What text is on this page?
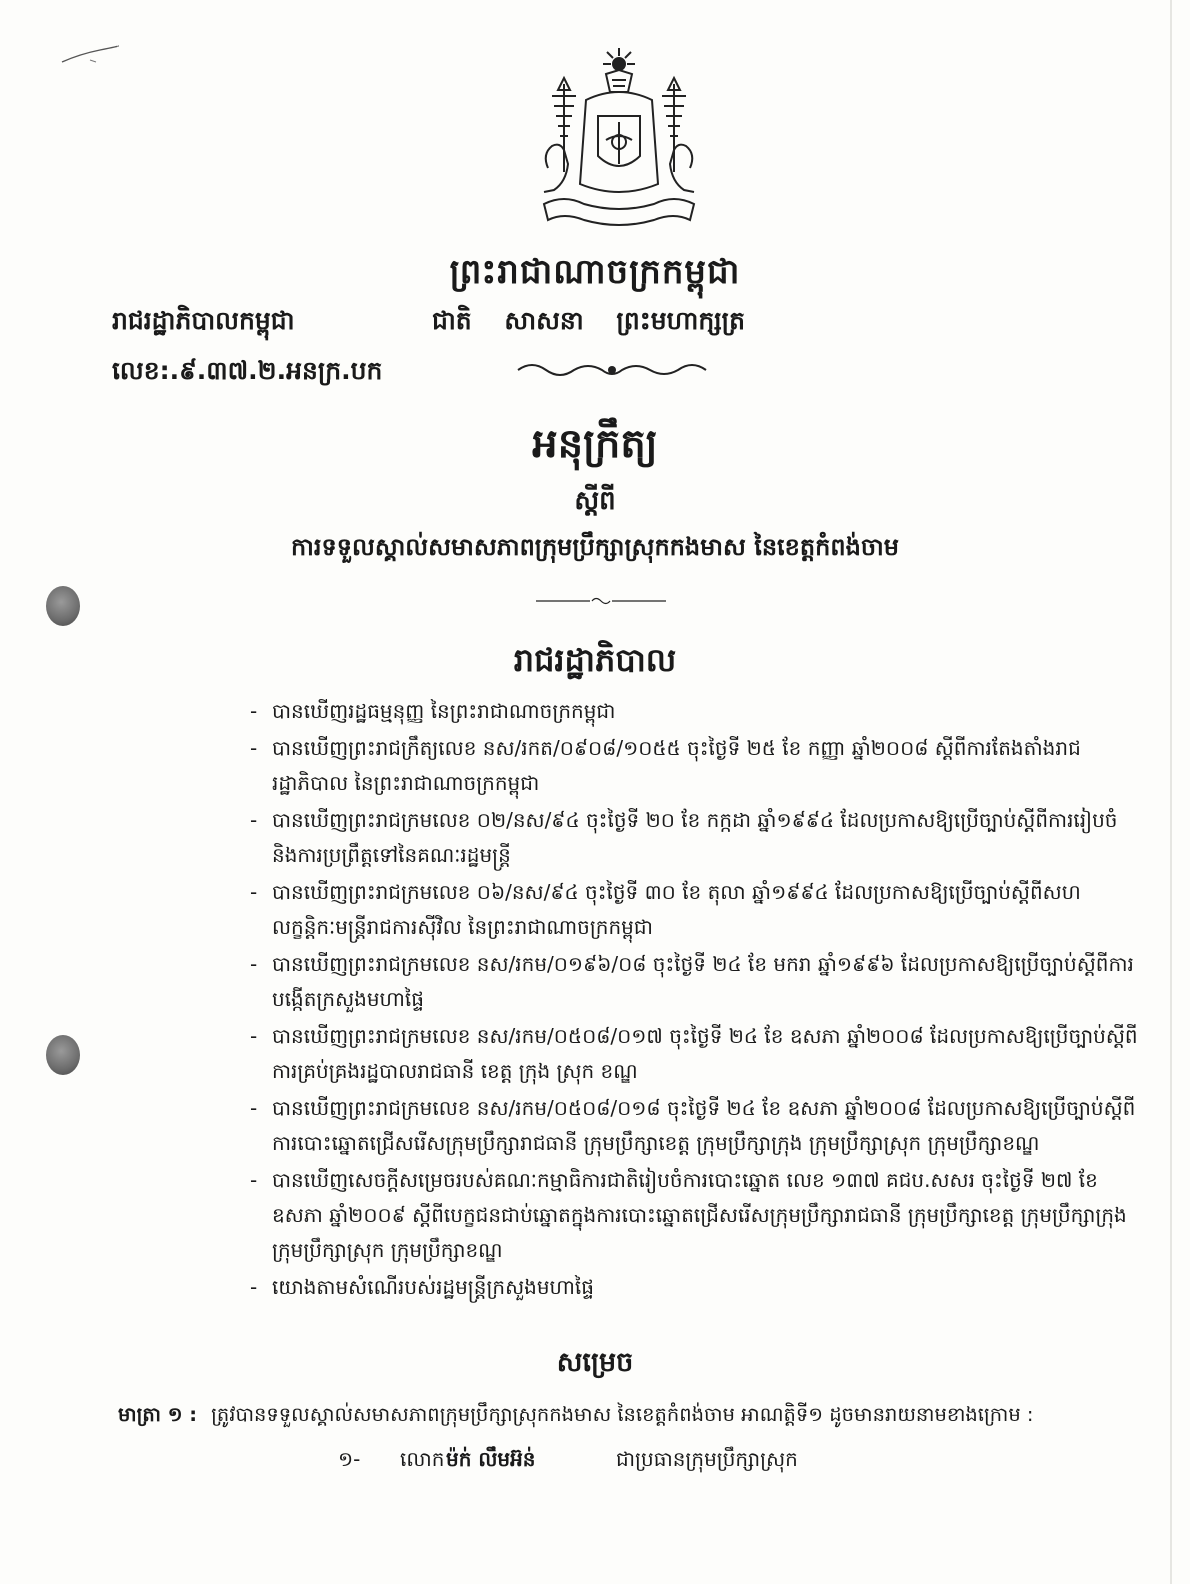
ព្រះរាជាណាចក្រកម្ពុជា
រាជរដ្ឋាភិបាលកម្ពុជា	ជាតិ សាសនា ព្រះមហាក្សត្រ
លេខ:.៩.៣៧.២.អនក្រ.បក
អនុក្រឹត្យ
ស្ដីពី
ការទទួលស្គាល់សមាសភាពក្រុមប្រឹក្សាស្រុកកងមាស នៃខេត្តកំពង់ចាម
រាជរដ្ឋាភិបាល
- បានឃើញរដ្ឋធម្មនុញ្ញ នៃព្រះរាជាណាចក្រកម្ពុជា
- បានឃើញព្រះរាជក្រឹត្យលេខ នស/រកត/០៩០៨/១០៥៥ ចុះថ្ងៃទី ២៥ ខែ កញ្ញា ឆ្នាំ២០០៨ ស្ដីពីការតែងតាំងរាជរដ្ឋាភិបាល នៃព្រះរាជាណាចក្រកម្ពុជា
- បានឃើញព្រះរាជក្រមលេខ ០២/នស/៩៤ ចុះថ្ងៃទី ២០ ខែ កក្កដា ឆ្នាំ១៩៩៤ ដែលប្រកាសឱ្យប្រើច្បាប់ស្ដីពីការរៀបចំ និងការប្រព្រឹត្តទៅនៃគណៈរដ្ឋមន្ត្រី
- បានឃើញព្រះរាជក្រមលេខ ០៦/នស/៩៤ ចុះថ្ងៃទី ៣០ ខែ តុលា ឆ្នាំ១៩៩៤ ដែលប្រកាសឱ្យប្រើច្បាប់ស្ដីពីសហលក្ខន្តិកៈមន្ត្រីរាជការស៊ីវិល នៃព្រះរាជាណាចក្រកម្ពុជា
- បានឃើញព្រះរាជក្រមលេខ នស/រកម/០១៩៦/០៨ ចុះថ្ងៃទី ២៤ ខែ មករា ឆ្នាំ១៩៩៦ ដែលប្រកាសឱ្យប្រើច្បាប់ស្ដីពីការបង្កើតក្រសួងមហាផ្ទៃ
- បានឃើញព្រះរាជក្រមលេខ នស/រកម/០៥០៨/០១៧ ចុះថ្ងៃទី ២៤ ខែ ឧសភា ឆ្នាំ២០០៨ ដែលប្រកាសឱ្យប្រើច្បាប់ស្ដីពីការគ្រប់គ្រងរដ្ឋបាលរាជធានី ខេត្ត ក្រុង ស្រុក ខណ្ឌ
- បានឃើញព្រះរាជក្រមលេខ នស/រកម/០៥០៨/០១៨ ចុះថ្ងៃទី ២៤ ខែ ឧសភា ឆ្នាំ២០០៨ ដែលប្រកាសឱ្យប្រើច្បាប់ស្ដីពីការបោះឆ្នោតជ្រើសរើសក្រុមប្រឹក្សារាជធានី ក្រុមប្រឹក្សាខេត្ត ក្រុមប្រឹក្សាក្រុង ក្រុមប្រឹក្សាស្រុក ក្រុមប្រឹក្សាខណ្ឌ
- បានឃើញសេចក្ដីសម្រេចរបស់គណៈកម្មាធិការជាតិរៀបចំការបោះឆ្នោត លេខ ១៣៧ គជប.សសរ ចុះថ្ងៃទី ២៧ ខែ ឧសភា ឆ្នាំ២០០៩ ស្ដីពីបេក្ខជនជាប់ឆ្នោតក្នុងការបោះឆ្នោតជ្រើសរើសក្រុមប្រឹក្សារាជធានី ក្រុមប្រឹក្សាខេត្ត ក្រុមប្រឹក្សាក្រុង ក្រុមប្រឹក្សាស្រុក ក្រុមប្រឹក្សាខណ្ឌ
- យោងតាមសំណើរបស់រដ្ឋមន្ត្រីក្រសួងមហាផ្ទៃ
សម្រេច
មាត្រា ១ : ត្រូវបានទទួលស្គាល់សមាសភាពក្រុមប្រឹក្សាស្រុកកងមាស នៃខេត្តកំពង់ចាម អាណត្តិទី១ ដូចមានរាយនាមខាងក្រោម :
១- លោកម៉ក់ លឹមអ៊ន់	ជាប្រធានក្រុមប្រឹក្សាស្រុក
